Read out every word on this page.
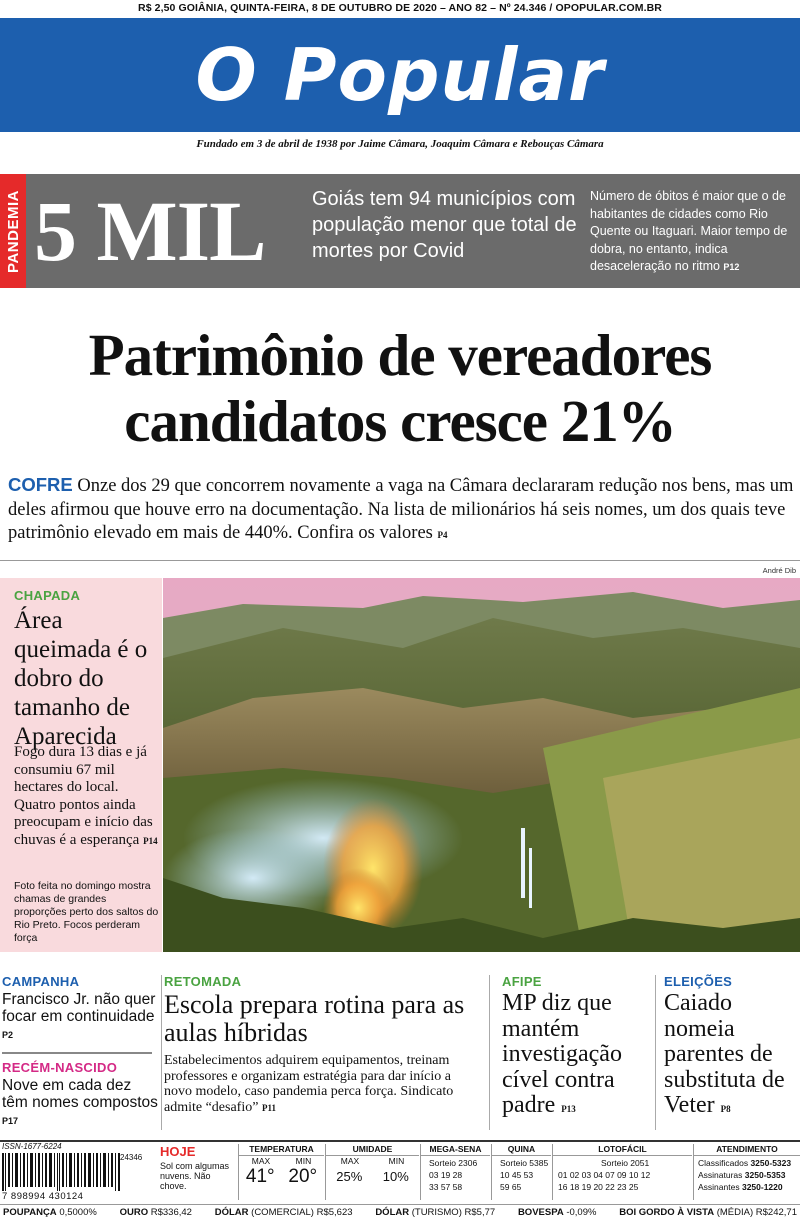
R$ 2,50 GOIÂNIA, QUINTA-FEIRA, 8 DE OUTUBRO DE 2020 – ANO 82 – Nº 24.346 / OPOPULAR.COM.BR
O Popular
Fundado em 3 de abril de 1938 por Jaime Câmara, Joaquim Câmara e Rebouças Câmara
PANDEMIA 5 MIL Goiás tem 94 municípios com população menor que total de mortes por Covid
Número de óbitos é maior que o de habitantes de cidades como Rio Quente ou Itaguari. Maior tempo de dobra, no entanto, indica desaceleração no ritmo P12
Patrimônio de vereadores
candidatos cresce 21%
COFRE Onze dos 29 que concorrem novamente a vaga na Câmara declararam redução nos bens, mas um deles afirmou que houve erro na documentação. Na lista de milionários há seis nomes, um dos quais teve patrimônio elevado em mais de 440%. Confira os valores P4
André Dib
CHAPADA
Área queimada é o dobro do tamanho de Aparecida
Fogo dura 13 dias e já consumiu 67 mil hectares do local. Quatro pontos ainda preocupam e início das chuvas é a esperança P14
Foto feita no domingo mostra chamas de grandes proporções perto dos saltos do Rio Preto. Focos perderam força
CAMPANHA
Francisco Jr. não quer focar em continuidade P2
RECÉM-NASCIDO
Nove em cada dez têm nomes compostos P17
RETOMADA
Escola prepara rotina para as aulas híbridas
Estabelecimentos adquirem equipamentos, treinam professores e organizam estratégia para dar início a novo modelo, caso pandemia perca força. Sindicato admite “desafio” P11
AFIPE
MP diz que mantém investigação cível contra padre P13
ELEIÇÕES
Caiado nomeia parentes de substituta de Veter P8
ISSN-1677-6224
24346
7 898994 430124
HOJE
Sol com algumas nuvens. Não chove.
TEMPERATURA
MAX	MIN
41° 20°
UMIDADE
MAX	MIN
25% 10%
MEGA-SENA
Sorteio 2306
03 19 28
33 57 58
QUINA
Sorteio 5385
10 45 53
59 65
LOTOFÁCIL
Sorteio 2051
01 02 03 04 07 09 10 12
16 18 19 20 22 23 25
ATENDIMENTO
Classificados 3250-5323
Assinaturas 3250-5353
Assinantes 3250-1220
POUPANÇA 0,5000% OURO R$336,42 DÓLAR (COMERCIAL) R$5,623 DÓLAR (TURISMO) R$5,77 BOVESPA -0,09% BOI GORDO À VISTA (MÉDIA) R$242,71
